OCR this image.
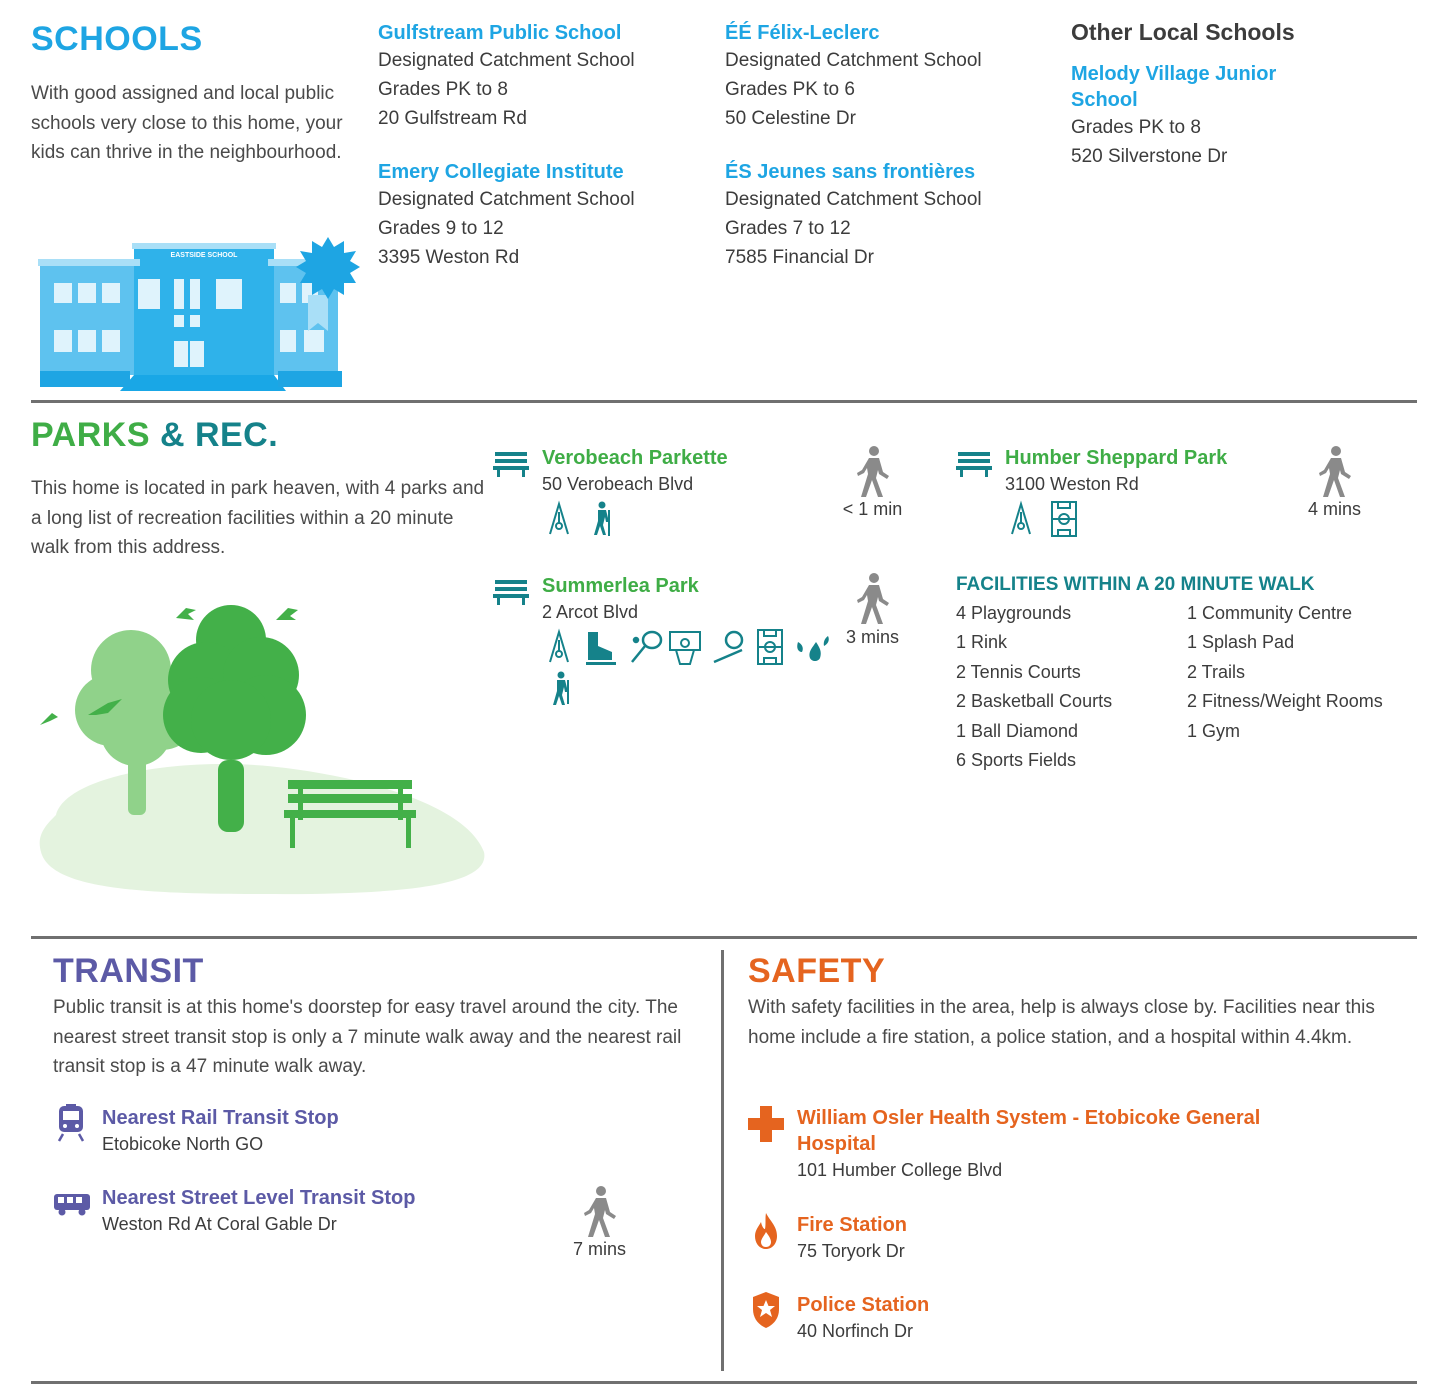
SCHOOLS
With good assigned and local public schools very close to this home, your kids can thrive in the neighbourhood.
Gulfstream Public School
Designated Catchment School
Grades PK to 8
20 Gulfstream Rd
ÉÉ Félix-Leclerc
Designated Catchment School
Grades PK to 6
50 Celestine Dr
Emery Collegiate Institute
Designated Catchment School
Grades 9 to 12
3395 Weston Rd
ÉS Jeunes sans frontières
Designated Catchment School
Grades 7 to 12
7585 Financial Dr
Other Local Schools
Melody Village Junior
School
Grades PK to 8
520 Silverstone Dr
EASTSIDE SCHOOL
PARKS & REC.
This home is located in park heaven, with 4 parks and a long list of recreation facilities within a 20 minute walk from this address.
Verobeach Parkette
50 Verobeach Blvd
< 1 min
Humber Sheppard Park
3100 Weston Rd
4 mins
Summerlea Park
2 Arcot Blvd
3 mins
FACILITIES WITHIN A 20 MINUTE WALK
4 Playgrounds
1 Rink
2 Tennis Courts
2 Basketball Courts
1 Ball Diamond
6 Sports Fields
1 Community Centre
1 Splash Pad
2 Trails
2 Fitness/Weight Rooms
1 Gym
TRANSIT
Public transit is at this home's doorstep for easy travel around the city. The nearest street transit stop is only a 7 minute walk away and the nearest rail transit stop is a 47 minute walk away.
Nearest Rail Transit Stop
Etobicoke North GO
Nearest Street Level Transit Stop
Weston Rd At Coral Gable Dr
7 mins
SAFETY
With safety facilities in the area, help is always close by. Facilities near this home include a fire station, a police station, and a hospital within 4.4km.
William Osler Health System - Etobicoke General
Hospital
101 Humber College Blvd
Fire Station
75 Toryork Dr
Police Station
40 Norfinch Dr
